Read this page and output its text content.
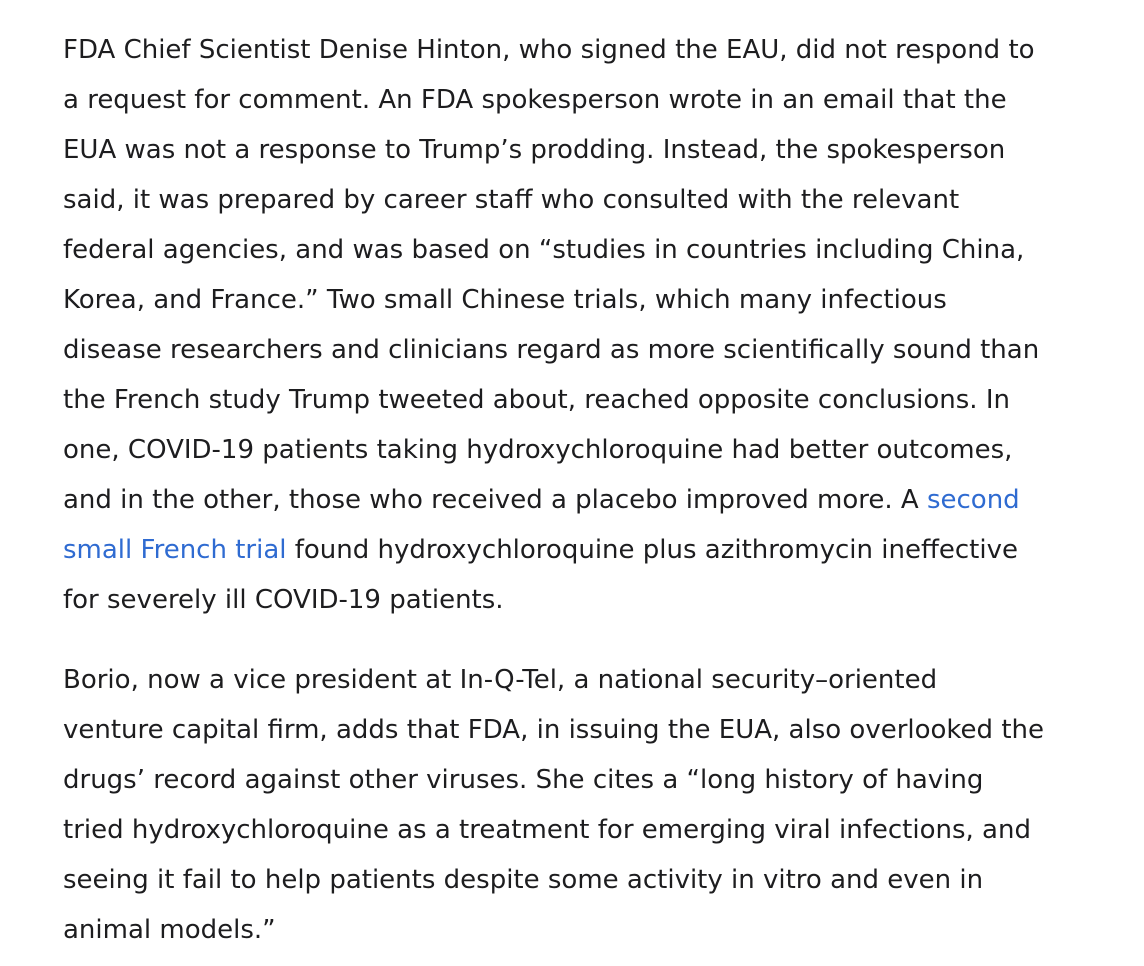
FDA Chief Scientist Denise Hinton, who signed the EAU, did not respond to
a request for comment. An FDA spokesperson wrote in an email that the
EUA was not a response to Trump’s prodding. Instead, the spokesperson
said, it was prepared by career staff who consulted with the relevant
federal agencies, and was based on “studies in countries including China,
Korea, and France.” Two small Chinese trials, which many infectious
disease researchers and clinicians regard as more scientifically sound than
the French study Trump tweeted about, reached opposite conclusions. In
one, COVID-19 patients taking hydroxychloroquine had better outcomes,
and in the other, those who received a placebo improved more. A second
small French trial found hydroxychloroquine plus azithromycin ineffective
for severely ill COVID-19 patients.

Borio, now a vice president at In-Q-Tel, a national security–oriented
venture capital firm, adds that FDA, in issuing the EUA, also overlooked the
drugs’ record against other viruses. She cites a “long history of having
tried hydroxychloroquine as a treatment for emerging viral infections, and
seeing it fail to help patients despite some activity in vitro and even in
animal models.”
